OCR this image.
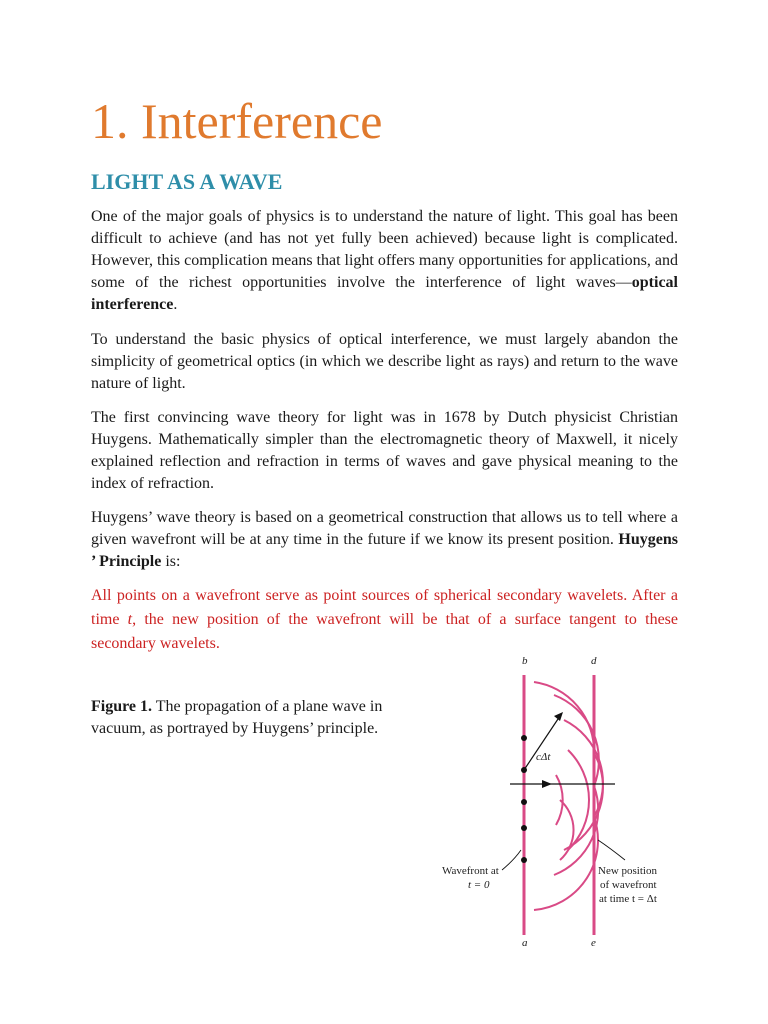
1. Interference
LIGHT AS A WAVE

One of the major goals of physics is to understand the nature of light. This goal has been difficult to achieve (and has not yet fully been achieved) because light is complicated. However, this complication means that light offers many opportunities for applications, and some of the richest opportunities involve the interference of light waves—optical interference.

To understand the basic physics of optical interference, we must largely abandon the simplicity of geometrical optics (in which we describe light as rays) and return to the wave nature of light.

The first convincing wave theory for light was in 1678 by Dutch physicist Christian Huygens. Mathematically simpler than the electromagnetic theory of Maxwell, it nicely explained reflection and refraction in terms of waves and gave physical meaning to the index of refraction.

Huygens’ wave theory is based on a geometrical construction that allows us to tell where a given wavefront will be at any time in the future if we know its present position. Huygens ’ Principle is:

All points on a wavefront serve as point sources of spherical secondary wavelets. After a time t, the new position of the wavefront will be that of a surface tangent to these secondary wavelets.

Figure 1. The propagation of a plane wave in vacuum, as portrayed by Huygens’ principle.

b	d
a	e
cΔt
Wavefront at
t = 0
New position
of wavefront
at time t = Δt
